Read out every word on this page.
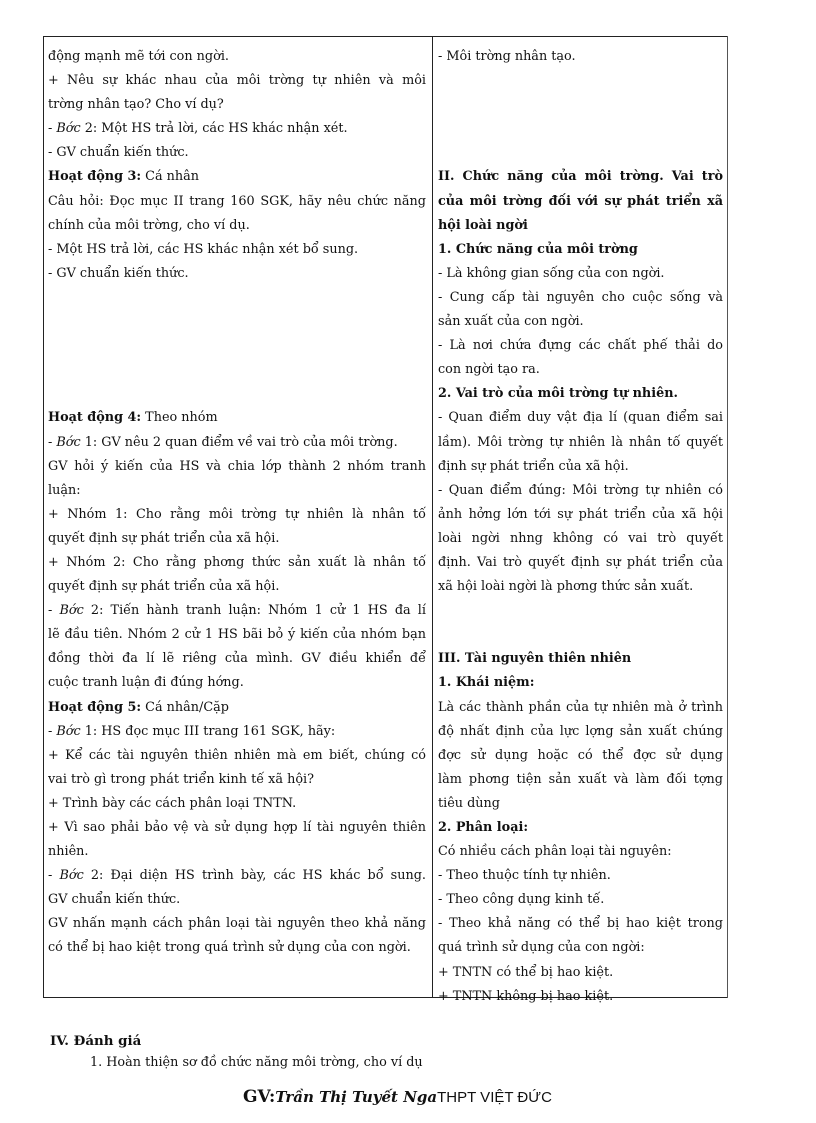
động mạnh mẽ tới con ngời.
+ Nêu sự khác nhau của môi trờng tự nhiên và môi
trờng nhân tạo? Cho ví dụ?
- Bớc 2: Một HS trả lời, các HS khác nhận xét.
- GV chuẩn kiến thức.
Hoạt động 3: Cá nhân
Câu hỏi: Đọc mục II trang 160 SGK, hãy nêu chức năng
chính của môi trờng, cho ví dụ.
- Một HS trả lời, các HS khác nhận xét bổ sung.
- GV chuẩn kiến thức.
Hoạt động 4: Theo nhóm
- Bớc 1: GV nêu 2 quan điểm về vai trò của môi trờng.
GV hỏi ý kiến của HS và chia lớp thành 2 nhóm tranh
luận:
+ Nhóm 1: Cho rằng môi trờng tự nhiên là nhân tố
quyết định sự phát triển của xã hội.
+ Nhóm 2: Cho rằng phơng thức sản xuất là nhân tố
quyết định sự phát triển của xã hội.
- Bớc 2: Tiến hành tranh luận: Nhóm 1 cử 1 HS đa lí
lẽ đầu tiên. Nhóm 2 cử 1 HS bãi bỏ ý kiến của nhóm bạn
đồng thời đa lí lẽ riêng của mình. GV điều khiển để
cuộc tranh luận đi đúng hớng.
Hoạt động 5: Cá nhân/Cặp
- Bớc 1: HS đọc mục III trang 161 SGK, hãy:
+ Kể các tài nguyên thiên nhiên mà em biết, chúng có
vai trò gì trong phát triển kinh tế xã hội?
+ Trình bày các cách phân loại TNTN.
+ Vì sao phải bảo vệ và sử dụng hợp lí tài nguyên thiên
nhiên.
- Bớc 2: Đại diện HS trình bày, các HS khác bổ sung.
GV chuẩn kiến thức.
GV nhấn mạnh cách phân loại tài nguyên theo khả năng
có thể bị hao kiệt trong quá trình sử dụng của con ngời.
- Môi trờng nhân tạo.
II. Chức năng của môi trờng. Vai trò
của môi trờng đối với sự phát triển xã
hội loài ngời
1. Chức năng của môi trờng
- Là không gian sống của con ngời.
- Cung cấp tài nguyên cho cuộc sống và
sản xuất của con ngời.
- Là nơi chứa đựng các chất phế thải do
con ngời tạo ra.
2. Vai trò của môi trờng tự nhiên.
- Quan điểm duy vật địa lí (quan điểm sai
lầm). Môi trờng tự nhiên là nhân tố quyết
định sự phát triển của xã hội.
- Quan điểm đúng: Môi trờng tự nhiên có
ảnh hởng lớn tới sự phát triển của xã hội
loài ngời nhng không có vai trò quyết
định. Vai trò quyết định sự phát triển của
xã hội loài ngời là phơng thức sản xuất.
III. Tài nguyên thiên nhiên
1. Khái niệm:
Là các thành phần của tự nhiên mà ở trình
độ nhất định của lực lợng sản xuất chúng
đợc sử dụng hoặc có thể đợc sử dụng
làm phơng tiện sản xuất và làm đối tợng
tiêu dùng
2. Phân loại:
Có nhiều cách phân loại tài nguyên:
- Theo thuộc tính tự nhiên.
- Theo công dụng kinh tế.
- Theo khả năng có thể bị hao kiệt trong
quá trình sử dụng của con ngời:
+ TNTN có thể bị hao kiệt.
+ TNTN không bị hao kiệt.
IV. Đánh giá
1. Hoàn thiện sơ đồ chức năng môi trờng, cho ví dụ
GV:Trần Thị Tuyết NgaTHPT VIỆT ĐỨC
